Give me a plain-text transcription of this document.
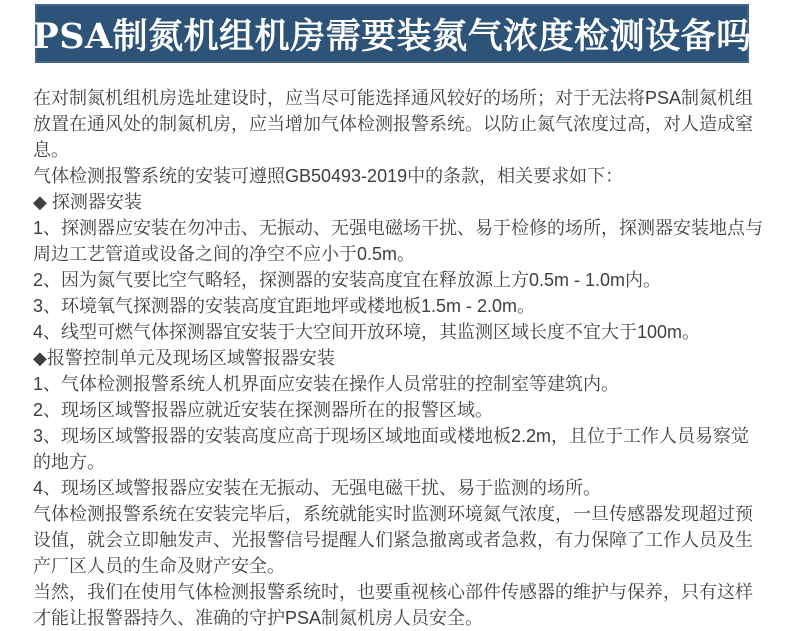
PSA制氮机组机房需要装氮气浓度检测设备吗

在对制氮机组机房选址建设时，应当尽可能选择通风较好的场所；对于无法将PSA制氮机组放置在通风处的制氮机房，应当增加气体检测报警系统。以防止氮气浓度过高，对人造成窒息。

气体检测报警系统的安装可遵照GB50493-2019中的条款，相关要求如下：

◆ 探测器安装

1、探测器应安装在勿冲击、无振动、无强电磁场干扰、易于检修的场所，探测器安装地点与周边工艺管道或设备之间的净空不应小于0.5m。

2、因为氮气要比空气略轻，探测器的安装高度宜在释放源上方0.5m - 1.0m内。

3、环境氧气探测器的安装高度宜距地坪或楼地板1.5m - 2.0m。

4、线型可燃气体探测器宜安装于大空间开放环境，其监测区域长度不宜大于100m。

◆报警控制单元及现场区域警报器安装

1、气体检测报警系统人机界面应安装在操作人员常驻的控制室等建筑内。

2、现场区域警报器应就近安装在探测器所在的报警区域。

3、现场区域警报器的安装高度应高于现场区域地面或楼地板2.2m，且位于工作人员易察觉的地方。

4、现场区域警报器应安装在无振动、无强电磁干扰、易于监测的场所。

气体检测报警系统在安装完毕后，系统就能实时监测环境氮气浓度，一旦传感器发现超过预设值，就会立即触发声、光报警信号提醒人们紧急撤离或者急救，有力保障了工作人员及生产厂区人员的生命及财产安全。

当然，我们在使用气体检测报警系统时，也要重视核心部件传感器的维护与保养，只有这样才能让报警器持久、准确的守护PSA制氮机房人员安全。
